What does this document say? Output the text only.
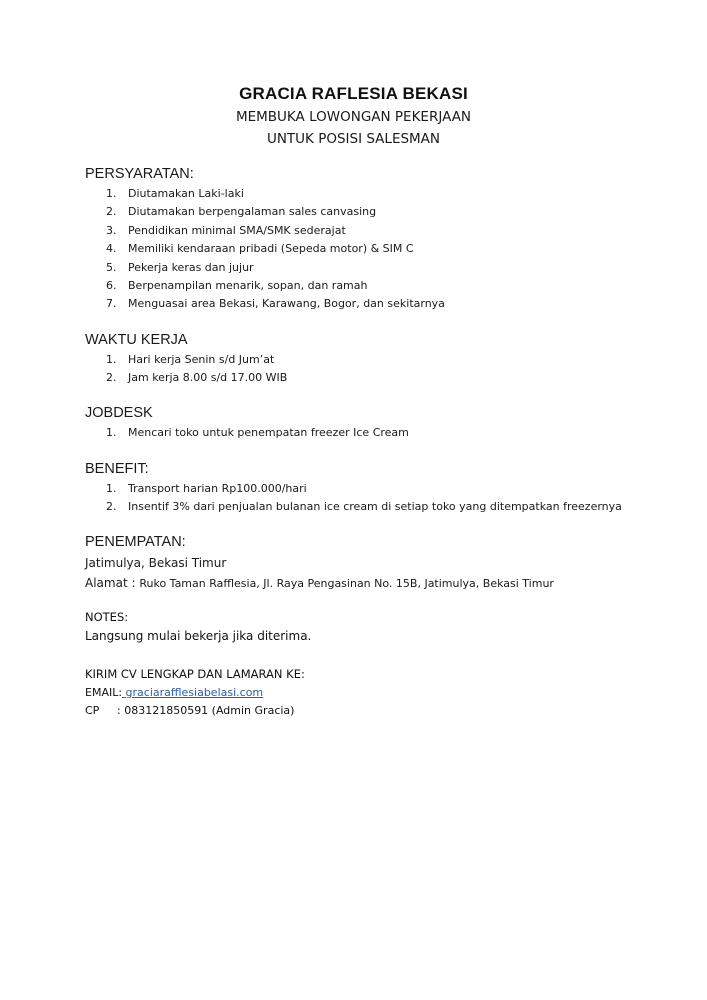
GRACIA RAFLESIA BEKASI
MEMBUKA LOWONGAN PEKERJAAN
UNTUK POSISI SALESMAN
PERSYARATAN:
1. Diutamakan Laki-laki
2. Diutamakan berpengalaman sales canvasing
3. Pendidikan minimal SMA/SMK sederajat
4. Memiliki kendaraan pribadi (Sepeda motor) & SIM C
5. Pekerja keras dan jujur
6. Berpenampilan menarik, sopan, dan ramah
7. Menguasai area Bekasi, Karawang, Bogor, dan sekitarnya
WAKTU KERJA
1. Hari kerja Senin s/d Jum’at
2. Jam kerja 8.00 s/d 17.00 WIB
JOBDESK
1. Mencari toko untuk penempatan freezer Ice Cream
BENEFIT:
1. Transport harian Rp100.000/hari
2. Insentif 3% dari penjualan bulanan ice cream di setiap toko yang ditempatkan freezernya
PENEMPATAN:
Jatimulya, Bekasi Timur
Alamat : Ruko Taman Rafflesia, Jl. Raya Pengasinan No. 15B, Jatimulya, Bekasi Timur
NOTES:
Langsung mulai bekerja jika diterima.
KIRIM CV LENGKAP DAN LAMARAN KE:
EMAIL: graciarafflesiabelasi.com
CP : 083121850591 (Admin Gracia)
